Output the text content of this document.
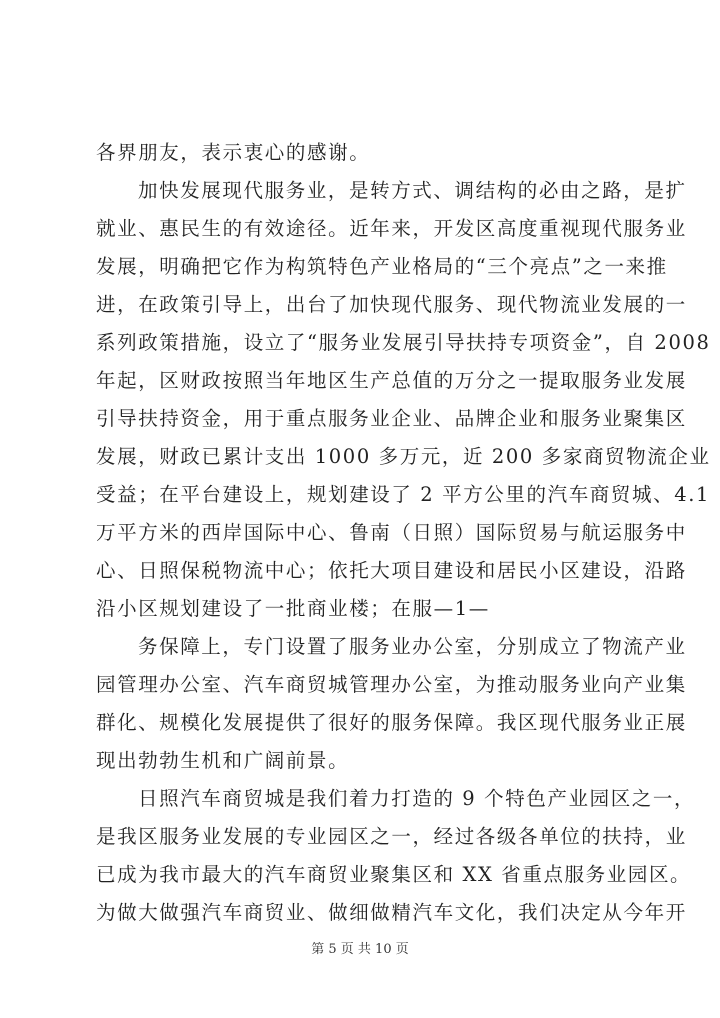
各界朋友，表示衷心的感谢。
加快发展现代服务业，是转方式、调结构的必由之路，是扩
就业、惠民生的有效途径。近年来，开发区高度重视现代服务业
发展，明确把它作为构筑特色产业格局的“三个亮点”之一来推
进，在政策引导上，出台了加快现代服务、现代物流业发展的一
系列政策措施，设立了“服务业发展引导扶持专项资金”，自 2008
年起，区财政按照当年地区生产总值的万分之一提取服务业发展
引导扶持资金，用于重点服务业企业、品牌企业和服务业聚集区
发展，财政已累计支出 1000 多万元，近 200 多家商贸物流企业
受益；在平台建设上，规划建设了 2 平方公里的汽车商贸城、4.1
万平方米的西岸国际中心、鲁南（日照）国际贸易与航运服务中
心、日照保税物流中心；依托大项目建设和居民小区建设，沿路
沿小区规划建设了一批商业楼；在服—1—
务保障上，专门设置了服务业办公室，分别成立了物流产业
园管理办公室、汽车商贸城管理办公室，为推动服务业向产业集
群化、规模化发展提供了很好的服务保障。我区现代服务业正展
现出勃勃生机和广阔前景。
日照汽车商贸城是我们着力打造的 9 个特色产业园区之一，
是我区服务业发展的专业园区之一，经过各级各单位的扶持，业
已成为我市最大的汽车商贸业聚集区和 XX 省重点服务业园区。
为做大做强汽车商贸业、做细做精汽车文化，我们决定从今年开
第 5 页 共 10 页
